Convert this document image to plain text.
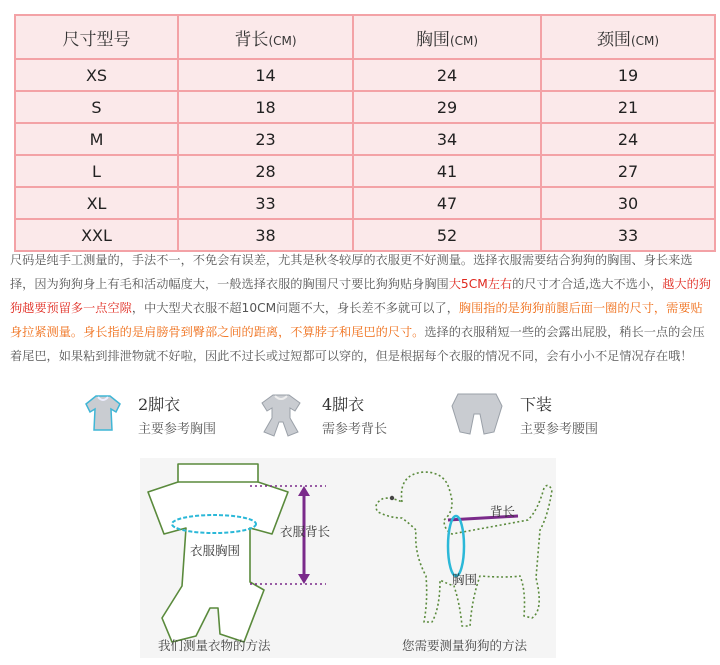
尺寸型号	背长(CM)	胸围(CM)	颈围(CM)
XS	14	24	19
S	18	29	21
M	23	34	24
L	28	41	27
XL	33	47	30
XXL	38	52	33
尺码是纯手工测量的，手法不一，不免会有误差，尤其是秋冬较厚的衣服更不好测量。选择衣服需要结合狗狗的胸围、身长来选择，因为狗狗身上有毛和活动幅度大，一般选择衣服的胸围尺寸要比狗狗贴身胸围大5CM左右的尺寸才合适,选大不选小，越大的狗狗越要预留多一点空隙，中大型犬衣服不超10CM问题不大，身长差不多就可以了，胸围指的是狗狗前腿后面一圈的尺寸，需要贴身拉紧测量。身长指的是肩膀骨到臀部之间的距离，不算脖子和尾巴的尺寸。选择的衣服稍短一些的会露出屁股，稍长一点的会压着尾巴，如果粘到排泄物就不好啦，因此不过长或过短都可以穿的，但是根据每个衣服的情况不同，会有小小不足情况存在哦！
2脚衣
主要参考胸围
4脚衣
需参考背长
下装
主要参考腰围
衣服胸围
衣服背长
背长
胸围
我们测量衣物的方法	您需要测量狗狗的方法
